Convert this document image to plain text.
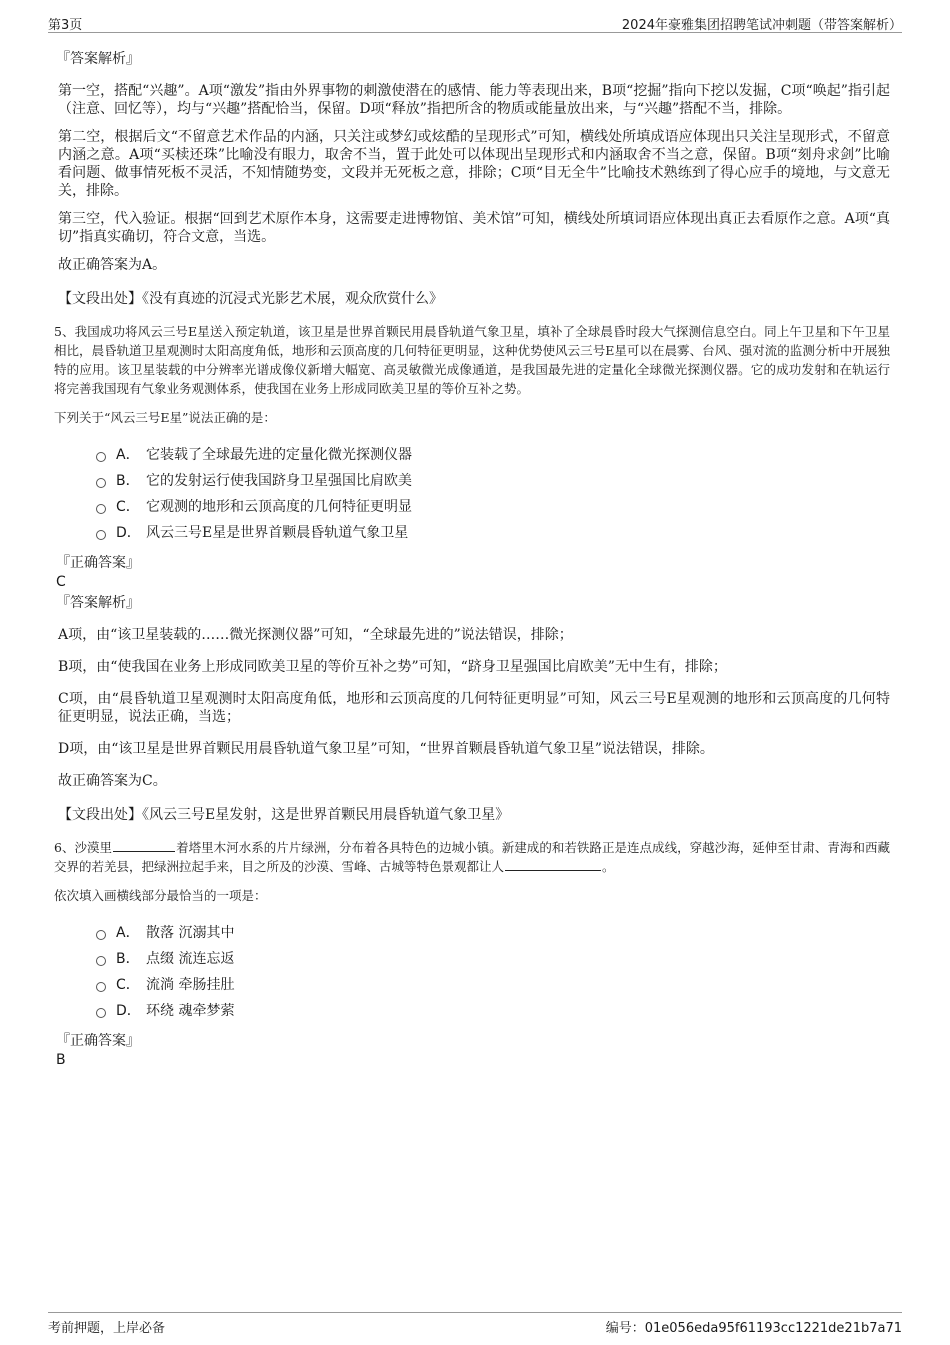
第3页	2024年豪雅集团招聘笔试冲刺题（带答案解析）
『答案解析』

第一空，搭配“兴趣”。A项“激发”指由外界事物的刺激使潜在的感情、能力等表现出来，B项“挖掘”指向下挖以发掘，C项“唤起”指引起（注意、回忆等），均与“兴趣”搭配恰当，保留。D项“释放”指把所含的物质或能量放出来，与“兴趣”搭配不当，排除。

第二空，根据后文“不留意艺术作品的内涵，只关注或梦幻或炫酷的呈现形式”可知，横线处所填成语应体现出只关注呈现形式，不留意内涵之意。A项“买椟还珠”比喻没有眼力，取舍不当，置于此处可以体现出呈现形式和内涵取舍不当之意，保留。B项“刻舟求剑”比喻看问题、做事情死板不灵活，不知情随势变，文段并无死板之意，排除；C项“目无全牛”比喻技术熟练到了得心应手的境地，与文意无关，排除。

第三空，代入验证。根据“回到艺术原作本身，这需要走进博物馆、美术馆”可知，横线处所填词语应体现出真正去看原作之意。A项“真切”指真实确切，符合文意，当选。

故正确答案为A。

【文段出处】《没有真迹的沉浸式光影艺术展，观众欣赏什么》

5、我国成功将风云三号E星送入预定轨道，该卫星是世界首颗民用晨昏轨道气象卫星，填补了全球晨昏时段大气探测信息空白。同上午卫星和下午卫星相比，晨昏轨道卫星观测时太阳高度角低，地形和云顶高度的几何特征更明显，这种优势使风云三号E星可以在晨雾、台风、强对流的监测分析中开展独特的应用。该卫星装载的中分辨率光谱成像仪新增大幅宽、高灵敏微光成像通道，是我国最先进的定量化全球微光探测仪器。它的成功发射和在轨运行将完善我国现有气象业务观测体系，使我国在业务上形成同欧美卫星的等价互补之势。

下列关于“风云三号E星”说法正确的是：

A． 它装载了全球最先进的定量化微光探测仪器
B． 它的发射运行使我国跻身卫星强国比肩欧美
C． 它观测的地形和云顶高度的几何特征更明显
D． 风云三号E星是世界首颗晨昏轨道气象卫星
『正确答案』
C
『答案解析』

A项，由“该卫星装载的……微光探测仪器”可知，“全球最先进的”说法错误，排除；

B项，由“使我国在业务上形成同欧美卫星的等价互补之势”可知，“跻身卫星强国比肩欧美”无中生有，排除；

C项，由“晨昏轨道卫星观测时太阳高度角低，地形和云顶高度的几何特征更明显”可知，风云三号E星观测的地形和云顶高度的几何特征更明显，说法正确，当选；

D项，由“该卫星是世界首颗民用晨昏轨道气象卫星”可知，“世界首颗晨昏轨道气象卫星”说法错误，排除。

故正确答案为C。

【文段出处】《风云三号E星发射，这是世界首颗民用晨昏轨道气象卫星》

6、沙漠里	着塔里木河水系的片片绿洲，分布着各具特色的边城小镇。新建成的和若铁路正是连点成线，穿越沙海，延伸至甘肃、青海和西藏交界的若羌县，把绿洲拉起手来，目之所及的沙漠、雪峰、古城等特色景观都让人	。

依次填入画横线部分最恰当的一项是：

A． 散落 沉溺其中
B． 点缀 流连忘返
C． 流淌 牵肠挂肚
D． 环绕 魂牵梦萦
『正确答案』
B
考前押题，上岸必备	编号：01e056eda95f61193cc1221de21b7a71
